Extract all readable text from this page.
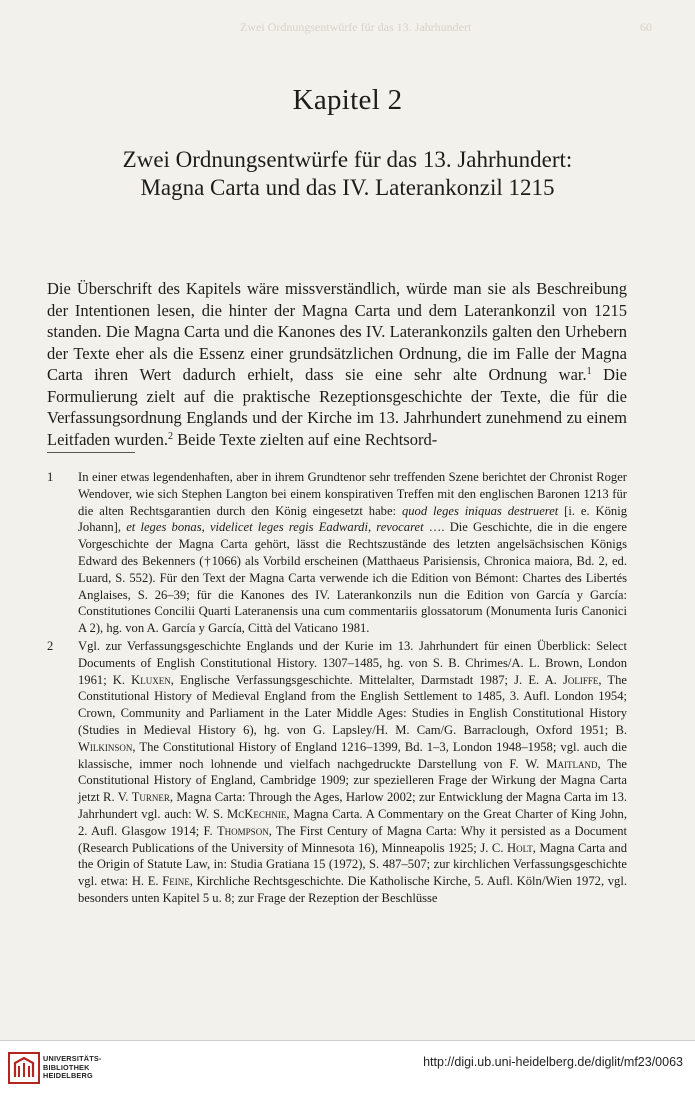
Zwei Ordnungsentwürfe für das 13. Jahrhundert	60
Kapitel 2
Zwei Ordnungsentwürfe für das 13. Jahrhundert:
Magna Carta und das IV. Laterankonzil 1215

Die Überschrift des Kapitels wäre missverständlich, würde man sie als Beschreibung der Intentionen lesen, die hinter der Magna Carta und dem Laterankonzil von 1215 standen. Die Magna Carta und die Kanones des IV. Laterankonzils galten den Urhebern der Texte eher als die Essenz einer grundsätzlichen Ordnung, die im Falle der Magna Carta ihren Wert dadurch erhielt, dass sie eine sehr alte Ordnung war.$^1$ Die Formulierung zielt auf die praktische Rezeptionsgeschichte der Texte, die für die Verfassungsordnung Englands und der Kirche im 13. Jahrhundert zunehmend zu einem Leitfaden wurden.$^2$ Beide Texte zielten auf eine Rechtsord-

1 In einer etwas legendenhaften, aber in ihrem Grundtenor sehr treffenden Szene berichtet der Chronist Roger Wendover, wie sich Stephen Langton bei einem konspirativen Treffen mit den englischen Baronen 1213 für die alten Rechtsgarantien durch den König eingesetzt habe: quod leges iniquas destrueret [i. e. König Johann], et leges bonas, videlicet leges regis Eadwardi, revocaret …. Die Geschichte, die in die engere Vorgeschichte der Magna Carta gehört, lässt die Rechtszustände des letzten angelsächsischen Königs Edward des Bekenners (†1066) als Vorbild erscheinen (Matthaeus Parisiensis, Chronica maiora, Bd. 2, ed. Luard, S. 552). Für den Text der Magna Carta verwende ich die Edition von Bémont: Chartes des Libertés Anglaises, S. 26–39; für die Kanones des IV. Laterankonzils nun die Edition von García y García: Constitutiones Concilii Quarti Lateranensis una cum commentariis glossatorum (Monumenta Iuris Canonici A 2), hg. von A. García y García, Città del Vaticano 1981.

2 Vgl. zur Verfassungsgeschichte Englands und der Kurie im 13. Jahrhundert für einen Überblick: Select Documents of English Constitutional History. 1307–1485, hg. von S. B. Chrimes/A. L. Brown, London 1961; K. Kluxen, Englische Verfassungsgeschichte. Mittelalter, Darmstadt 1987; J. E. A. Joliffe, The Constitutional History of Medieval England from the English Settlement to 1485, 3. Aufl. London 1954; Crown, Community and Parliament in the Later Middle Ages: Studies in English Constitutional History (Studies in Medieval History 6), hg. von G. Lapsley/H. M. Cam/G. Barraclough, Oxford 1951; B. Wilkinson, The Constitutional History of England 1216–1399, Bd. 1–3, London 1948–1958; vgl. auch die klassische, immer noch lohnende und vielfach nachgedruckte Darstellung von F. W. Maitland, The Constitutional History of England, Cambridge 1909; zur spezielleren Frage der Wirkung der Magna Carta jetzt R. V. Turner, Magna Carta: Through the Ages, Harlow 2002; zur Entwicklung der Magna Carta im 13. Jahrhundert vgl. auch: W. S. McKechnie, Magna Carta. A Commentary on the Great Charter of King John, 2. Aufl. Glasgow 1914; F. Thompson, The First Century of Magna Carta: Why it persisted as a Document (Research Publications of the University of Minnesota 16), Minneapolis 1925; J. C. Holt, Magna Carta and the Origin of Statute Law, in: Studia Gratiana 15 (1972), S. 487–507; zur kirchlichen Verfassungsgeschichte vgl. etwa: H. E. Feine, Kirchliche Rechtsgeschichte. Die Katholische Kirche, 5. Aufl. Köln/Wien 1972, vgl. besonders unten Kapitel 5 u. 8; zur Frage der Rezeption der Beschlüsse

UNIVERSITÄTS-
BIBLIOTHEK
HEIDELBERG
http://digi.ub.uni-heidelberg.de/diglit/mf23/0063
